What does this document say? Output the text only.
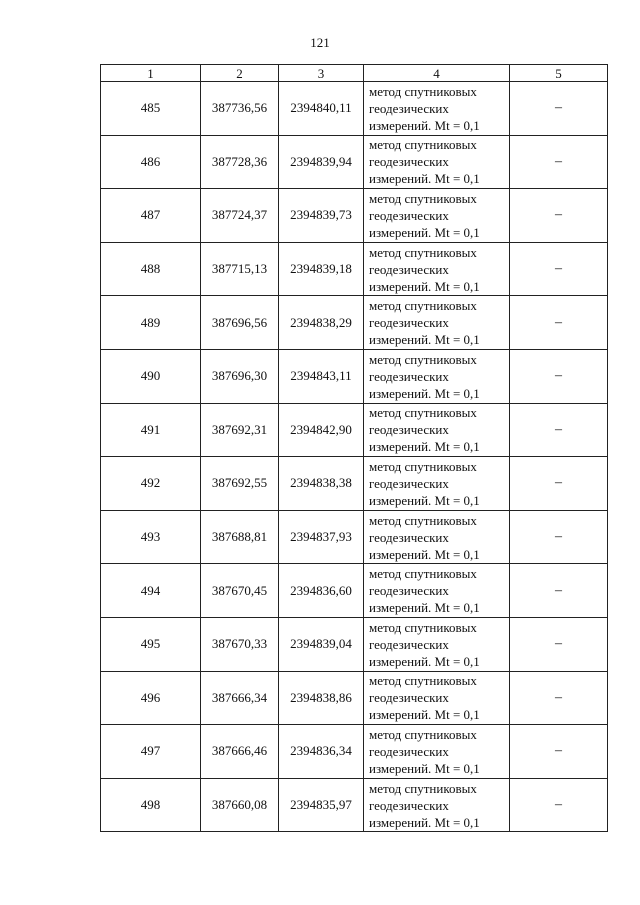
121
1	2	3	4	5
485	387736,56	2394840,11	метод спутниковых
геодезических
измерений. Mt = 0,1	–
486	387728,36	2394839,94	метод спутниковых
геодезических
измерений. Mt = 0,1	–
487	387724,37	2394839,73	метод спутниковых
геодезических
измерений. Mt = 0,1	–
488	387715,13	2394839,18	метод спутниковых
геодезических
измерений. Mt = 0,1	–
489	387696,56	2394838,29	метод спутниковых
геодезических
измерений. Mt = 0,1	–
490	387696,30	2394843,11	метод спутниковых
геодезических
измерений. Mt = 0,1	–
491	387692,31	2394842,90	метод спутниковых
геодезических
измерений. Mt = 0,1	–
492	387692,55	2394838,38	метод спутниковых
геодезических
измерений. Mt = 0,1	–
493	387688,81	2394837,93	метод спутниковых
геодезических
измерений. Mt = 0,1	–
494	387670,45	2394836,60	метод спутниковых
геодезических
измерений. Mt = 0,1	–
495	387670,33	2394839,04	метод спутниковых
геодезических
измерений. Mt = 0,1	–
496	387666,34	2394838,86	метод спутниковых
геодезических
измерений. Mt = 0,1	–
497	387666,46	2394836,34	метод спутниковых
геодезических
измерений. Mt = 0,1	–
498	387660,08	2394835,97	метод спутниковых
геодезических
измерений. Mt = 0,1	–
